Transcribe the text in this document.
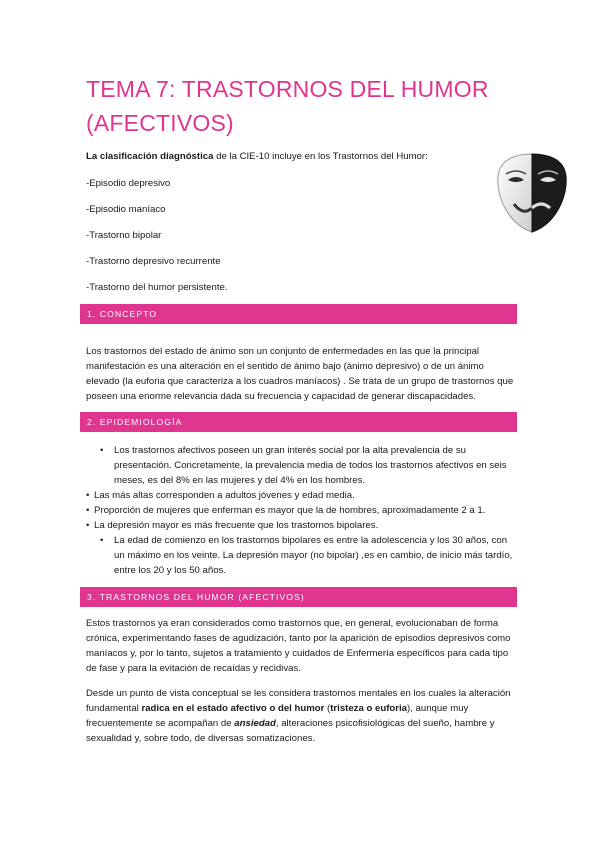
TEMA 7: TRASTORNOS DEL HUMOR (AFECTIVOS)
La clasificación diagnóstica de la CIE-10 incluye en los Trastornos del Humor:
-Episodio depresivo
-Episodio maníaco
-Trastorno bipolar
-Trastorno depresivo recurrente
-Trastorno del humor persistente.
1. CONCEPTO
Los trastornos del estado de ánimo son un conjunto de enfermedades en las que la principal manifestación es una alteración en el sentido de ánimo bajo (ánimo depresivo) o de un ánimo elevado (la euforia que caracteriza a los cuadros maníacos) . Se trata de un grupo de trastornos que poseen una enorme relevancia dada su frecuencia y capacidad de generar discapacidades.
2. EPIDEMIOLOGÍA
•	Los trastornos afectivos poseen un gran interés social por la alta prevalencia de su presentación. Concretamente, la prevalencia media de todos los trastornos afectivos en seis meses, es del 8% en las mujeres y del 4% en los hombres.
• Las más altas corresponden a adultos jóvenes y edad media.
• Proporción de mujeres que enferman es mayor que la de hombres, aproximadamente 2 a 1.
• La depresión mayor es más frecuente que los trastornos bipolares.
•	La edad de comienzo en los trastornos bipolares es entre la adolescencia y los 30 años, con un máximo en los veinte. La depresión mayor (no bipolar) ,es en cambio, de inicio más tardío, entre los 20 y los 50 años.
3. TRASTORNOS DEL HUMOR (AFECTIVOS)
Estos trastornos ya eran considerados como trastornos que, en general, evolucionaban de forma crónica, experimentando fases de agudización, tanto por la aparición de episodios depresivos como maníacos y, por lo tanto, sujetos a tratamiento y cuidados de Enfermería específicos para cada tipo de fase y para la evitación de recaídas y recidivas.
Desde un punto de vista conceptual se les considera trastornos mentales en los cuales la alteración fundamental radica en el estado afectivo o del humor (tristeza o euforia), aunque muy frecuentemente se acompañan de ansiedad, alteraciones psicofisiológicas del sueño, hambre y sexualidad y, sobre todo, de diversas somatizaciones.
